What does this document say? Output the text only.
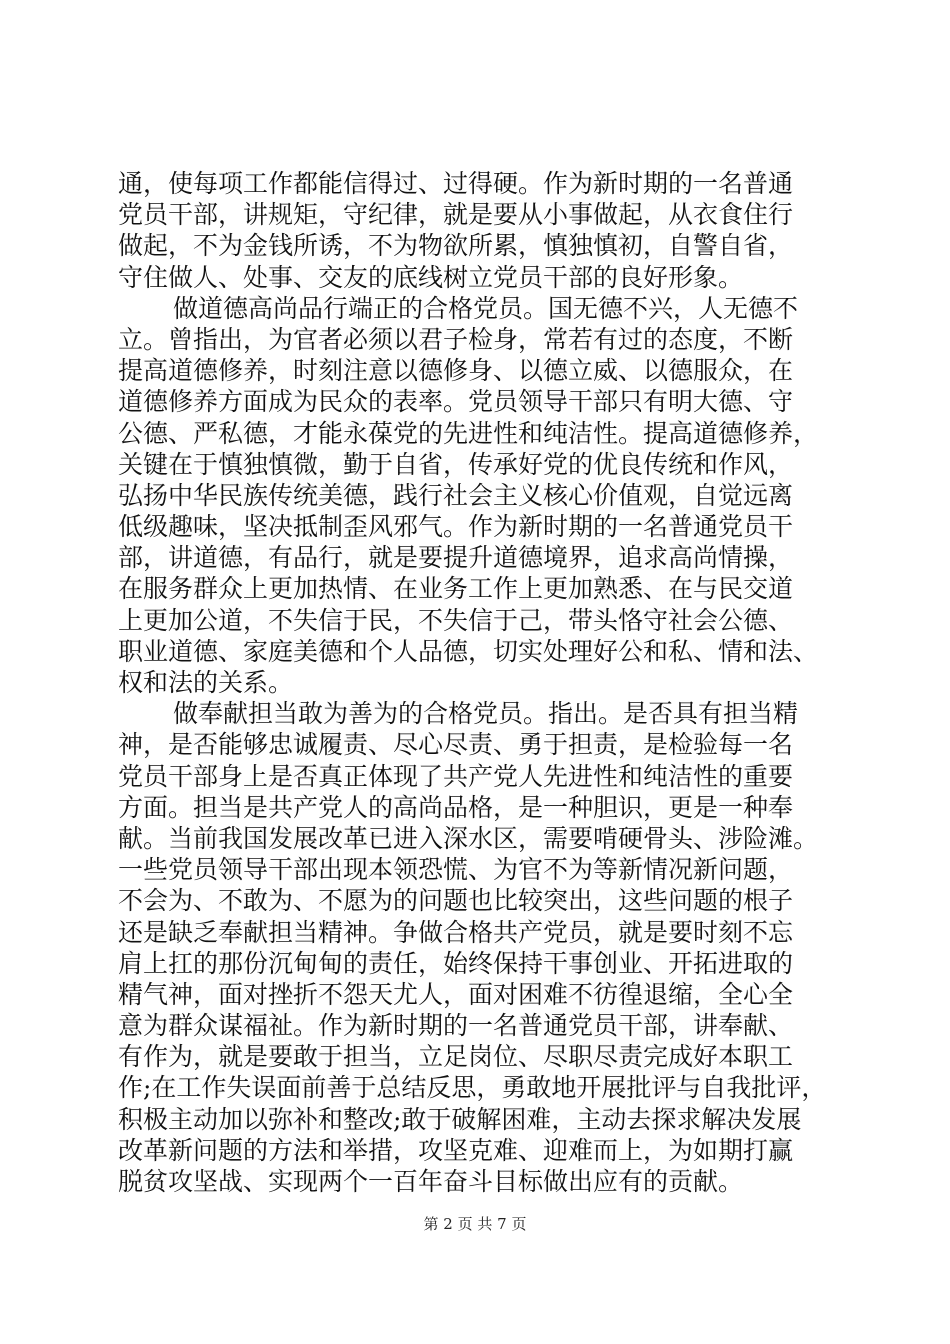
通，使每项工作都能信得过、过得硬。作为新时期的一名普通
党员干部，讲规矩，守纪律，就是要从小事做起，从衣食住行
做起，不为金钱所诱，不为物欲所累，慎独慎初，自警自省，
守住做人、处事、交友的底线树立党员干部的良好形象。
做道德高尚品行端正的合格党员。国无德不兴，人无德不
立。曾指出，为官者必须以君子检身，常若有过的态度，不断
提高道德修养，时刻注意以德修身、以德立威、以德服众，在
道德修养方面成为民众的表率。党员领导干部只有明大德、守
公德、严私德，才能永葆党的先进性和纯洁性。提高道德修养，
关键在于慎独慎微，勤于自省，传承好党的优良传统和作风，
弘扬中华民族传统美德，践行社会主义核心价值观，自觉远离
低级趣味，坚决抵制歪风邪气。作为新时期的一名普通党员干
部，讲道德，有品行，就是要提升道德境界，追求高尚情操，
在服务群众上更加热情、在业务工作上更加熟悉、在与民交道
上更加公道，不失信于民，不失信于己，带头恪守社会公德、
职业道德、家庭美德和个人品德，切实处理好公和私、情和法、
权和法的关系。
做奉献担当敢为善为的合格党员。指出。是否具有担当精
神，是否能够忠诚履责、尽心尽责、勇于担责，是检验每一名
党员干部身上是否真正体现了共产党人先进性和纯洁性的重要
方面。担当是共产党人的高尚品格，是一种胆识，更是一种奉
献。当前我国发展改革已进入深水区，需要啃硬骨头、涉险滩。
一些党员领导干部出现本领恐慌、为官不为等新情况新问题，
不会为、不敢为、不愿为的问题也比较突出，这些问题的根子
还是缺乏奉献担当精神。争做合格共产党员，就是要时刻不忘
肩上扛的那份沉甸甸的责任，始终保持干事创业、开拓进取的
精气神，面对挫折不怨天尤人，面对困难不彷徨退缩，全心全
意为群众谋福祉。作为新时期的一名普通党员干部，讲奉献、
有作为，就是要敢于担当，立足岗位、尽职尽责完成好本职工
作;在工作失误面前善于总结反思，勇敢地开展批评与自我批评，
积极主动加以弥补和整改;敢于破解困难，主动去探求解决发展
改革新问题的方法和举措，攻坚克难、迎难而上，为如期打赢
脱贫攻坚战、实现两个一百年奋斗目标做出应有的贡献。
第 2 页 共 7 页
